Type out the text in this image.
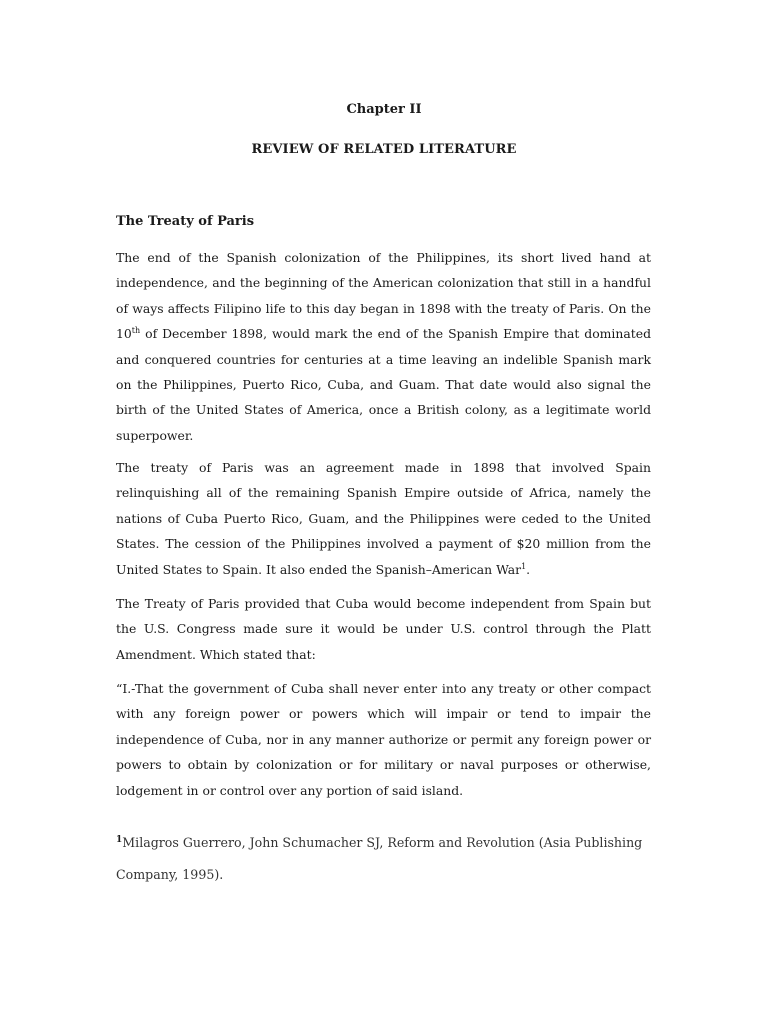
Chapter II
REVIEW OF RELATED LITERATURE
The Treaty of Paris

The end of the Spanish colonization of the Philippines, its short lived hand at independence, and the beginning of the American colonization that still in a handful of ways affects Filipino life to this day began in 1898 with the treaty of Paris. On the 10th of December 1898, would mark the end of the Spanish Empire that dominated and conquered countries for centuries at a time leaving an indelible Spanish mark on the Philippines, Puerto Rico, Cuba, and Guam. That date would also signal the birth of the United States of America, once a British colony, as a legitimate world superpower.

The treaty of Paris was an agreement made in 1898 that involved Spain relinquishing all of the remaining Spanish Empire outside of Africa, namely the nations of Cuba Puerto Rico, Guam, and the Philippines were ceded to the United States. The cession of the Philippines involved a payment of $20 million from the United States to Spain. It also ended the Spanish–American War$^1$.

The Treaty of Paris provided that Cuba would become independent from Spain but the U.S. Congress made sure it would be under U.S. control through the Platt Amendment. Which stated that:

“I.-That the government of Cuba shall never enter into any treaty or other compact with any foreign power or powers which will impair or tend to impair the independence of Cuba, nor in any manner authorize or permit any foreign power or powers to obtain by colonization or for military or naval purposes or otherwise, lodgement in or control over any portion of said island.

$^1$Milagros Guerrero, John Schumacher SJ, Reform and Revolution (Asia Publishing Company, 1995).
